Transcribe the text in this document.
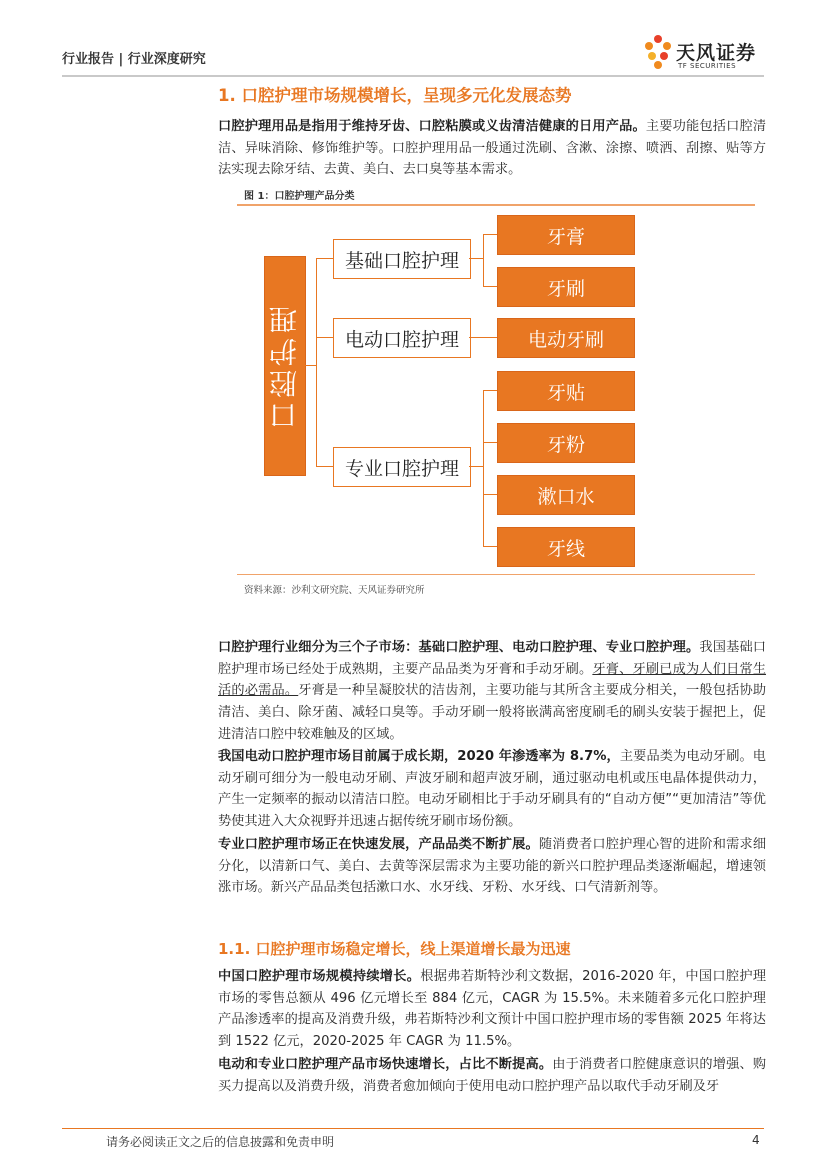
行业报告 | 行业深度研究	天风证券
TF SECURITIES
1. 口腔护理市场规模增长，呈现多元化发展态势
口腔护理用品是指用于维持牙齿、口腔粘膜或义齿清洁健康的日用产品。主要功能包括口腔清洁、异味消除、修饰维护等。口腔护理用品一般通过洗刷、含漱、涂擦、喷洒、刮擦、贴等方法实现去除牙结、去黄、美白、去口臭等基本需求。
图 1：口腔护理产品分类
口腔护理
基础口腔护理
电动口腔护理
专业口腔护理
牙膏
牙刷
电动牙刷
牙贴
牙粉
漱口水
牙线
资料来源：沙利文研究院、天风证券研究所
口腔护理行业细分为三个子市场：基础口腔护理、电动口腔护理、专业口腔护理。我国基础口腔护理市场已经处于成熟期，主要产品品类为牙膏和手动牙刷。牙膏、牙刷已成为人们日常生活的必需品。牙膏是一种呈凝胶状的洁齿剂，主要功能与其所含主要成分相关，一般包括协助清洁、美白、除牙菌、减轻口臭等。手动牙刷一般将嵌满高密度刷毛的刷头安装于握把上，促进清洁口腔中较难触及的区域。
我国电动口腔护理市场目前属于成长期，2020 年渗透率为 8.7%，主要品类为电动牙刷。电动牙刷可细分为一般电动牙刷、声波牙刷和超声波牙刷，通过驱动电机或压电晶体提供动力，产生一定频率的振动以清洁口腔。电动牙刷相比于手动牙刷具有的“自动方便”“更加清洁”等优势使其进入大众视野并迅速占据传统牙刷市场份额。
专业口腔护理市场正在快速发展，产品品类不断扩展。随消费者口腔护理心智的进阶和需求细分化，以清新口气、美白、去黄等深层需求为主要功能的新兴口腔护理品类逐渐崛起，增速领涨市场。新兴产品品类包括漱口水、水牙线、牙粉、水牙线、口气清新剂等。
1.1. 口腔护理市场稳定增长，线上渠道增长最为迅速
中国口腔护理市场规模持续增长。根据弗若斯特沙利文数据，2016-2020 年，中国口腔护理市场的零售总额从 496 亿元增长至 884 亿元，CAGR 为 15.5%。未来随着多元化口腔护理产品渗透率的提高及消费升级，弗若斯特沙利文预计中国口腔护理市场的零售额 2025 年将达到 1522 亿元，2020-2025 年 CAGR 为 11.5%。
电动和专业口腔护理产品市场快速增长，占比不断提高。由于消费者口腔健康意识的增强、购买力提高以及消费升级，消费者愈加倾向于使用电动口腔护理产品以取代手动牙刷及牙
请务必阅读正文之后的信息披露和免责申明	4
